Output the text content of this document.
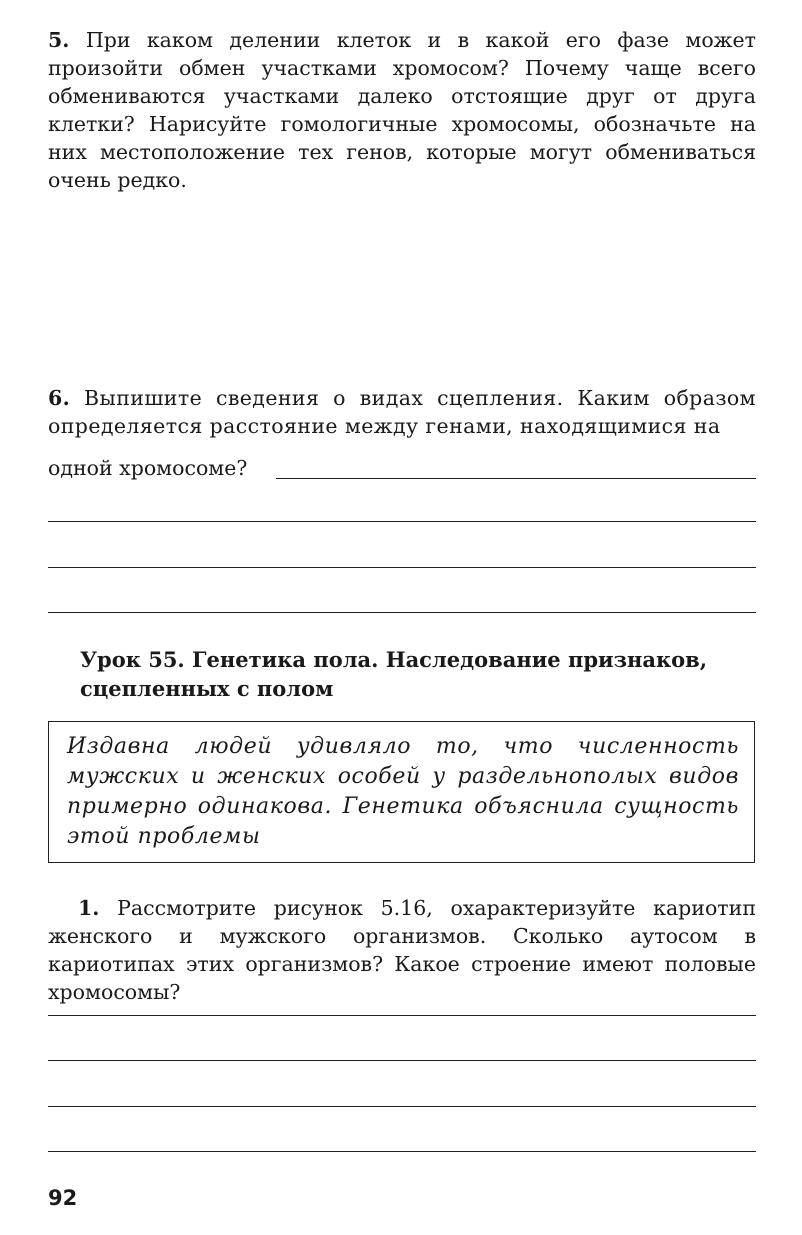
5. При каком делении клеток и в какой его фазе может произойти обмен участками хромосом? Почему чаще всего обмениваются участками далеко отстоящие друг от друга клетки? Нарисуйте гомологичные хромосомы, обозначьте на них местоположение тех генов, которые могут обмениваться очень редко.

6. Выпишите сведения о видах сцепления. Каким образом определяется расстояние между генами, находящимися на

одной хромосоме?

Урок 55. Генетика пола. Наследование признаков, сцепленных с полом

Издавна людей удивляло то, что численность мужских и женских особей у раздельнополых видов примерно одинакова. Генетика объяснила сущность этой проблемы

1. Рассмотрите рисунок 5.16, охарактеризуйте кариотип женского и мужского организмов. Сколько аутосом в кариотипах этих организмов? Какое строение имеют половые хромосомы?

92
